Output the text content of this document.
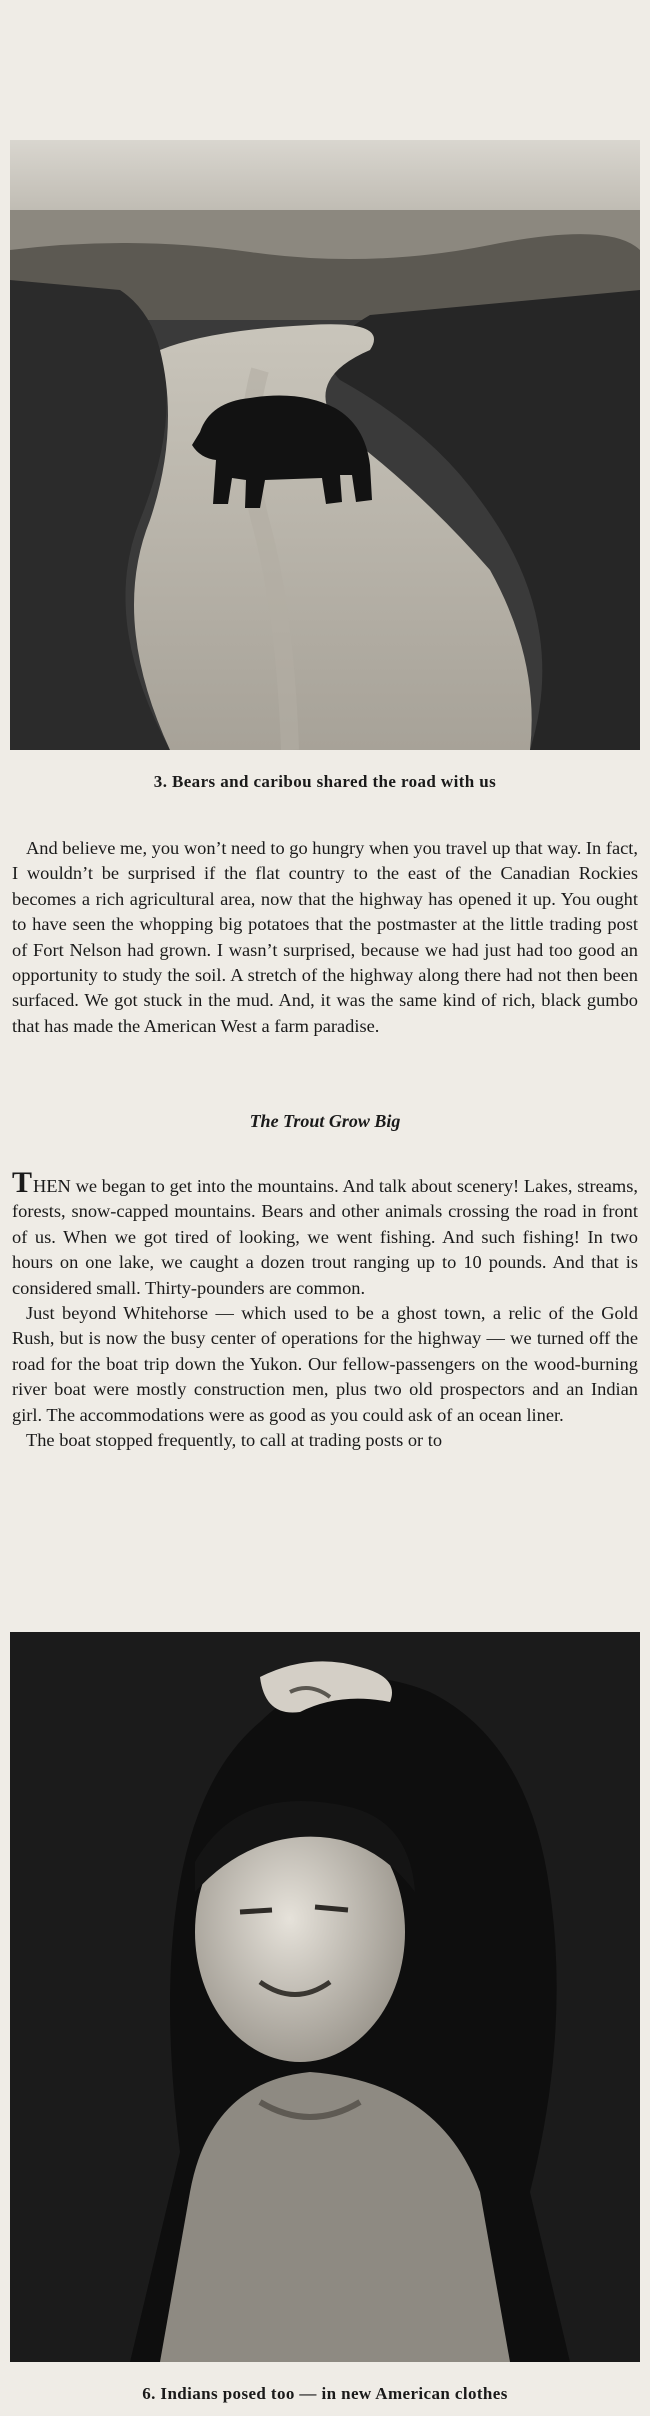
3. Bears and caribou shared the road with us

And believe me, you won’t need to go hungry when you travel up that way. In fact, I wouldn’t be surprised if the flat country to the east of the Canadian Rockies becomes a rich agricultural area, now that the highway has opened it up. You ought to have seen the whopping big potatoes that the postmaster at the little trading post of Fort Nelson had grown. I wasn’t surprised, because we had just had too good an opportunity to study the soil. A stretch of the highway along there had not then been surfaced. We got stuck in the mud. And, it was the same kind of rich, black gumbo that has made the American West a farm paradise.

The Trout Grow Big

THEN we began to get into the mountains. And talk about scenery! Lakes, streams, forests, snow-capped mountains. Bears and other animals crossing the road in front of us. When we got tired of looking, we went fishing. And such fishing! In two hours on one lake, we caught a dozen trout ranging up to 10 pounds. And that is considered small. Thirty-pounders are common.

Just beyond Whitehorse — which used to be a ghost town, a relic of the Gold Rush, but is now the busy center of operations for the highway — we turned off the road for the boat trip down the Yukon. Our fellow-passengers on the wood-burning river boat were mostly construction men, plus two old prospectors and an Indian girl. The accommodations were as good as you could ask of an ocean liner.

The boat stopped frequently, to call at trading posts or to

6. Indians posed too — in new American clothes
